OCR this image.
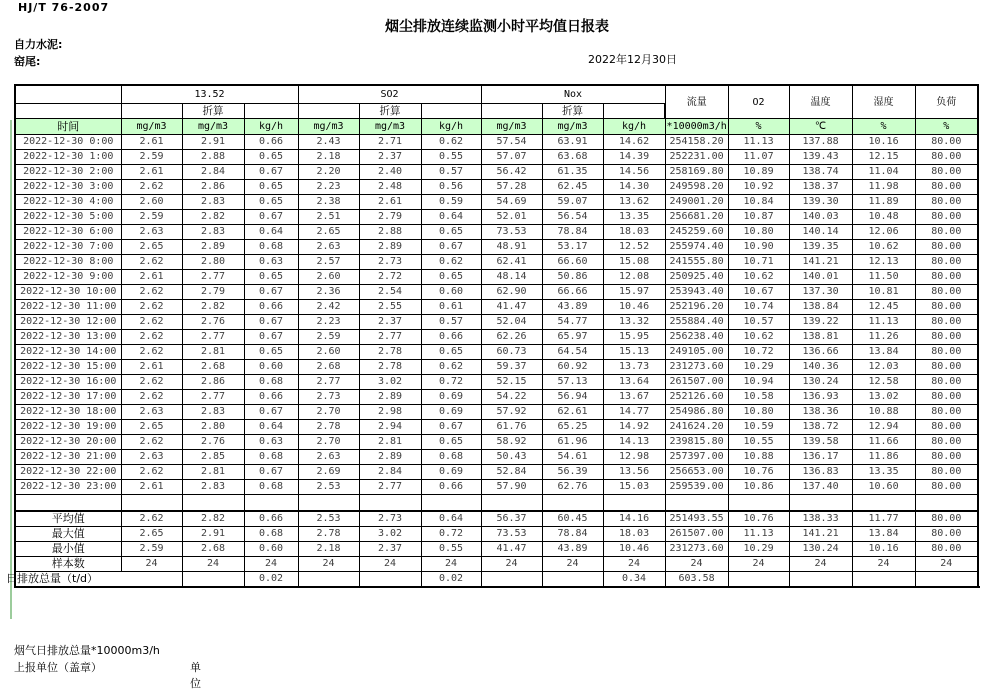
HJ/T 76-2007
烟尘排放连续监测小时平均值日报表
自力水泥:
窑尾:	2022年12月30日
	13.52			SO2			Nox			流量	O2	温度	湿度	负荷	
		折算			折算			折算							
时间	mg/m3	mg/m3	kg/h	mg/m3	mg/m3	kg/h	mg/m3	mg/m3	kg/h	*10000m3/h	%	℃	%	%	
2022-12-30 0:00	2.61	2.91	0.66	2.43	2.71	0.62	57.54	63.91	14.62	254158.20	11.13	137.88	10.16	80.00	
2022-12-30 1:00	2.59	2.88	0.65	2.18	2.37	0.55	57.07	63.68	14.39	252231.00	11.07	139.43	12.15	80.00	
2022-12-30 2:00	2.61	2.84	0.67	2.20	2.40	0.57	56.42	61.35	14.56	258169.80	10.89	138.74	11.04	80.00	
2022-12-30 3:00	2.62	2.86	0.65	2.23	2.48	0.56	57.28	62.45	14.30	249598.20	10.92	138.37	11.98	80.00	
2022-12-30 4:00	2.60	2.83	0.65	2.38	2.61	0.59	54.69	59.07	13.62	249001.20	10.84	139.30	11.89	80.00	
2022-12-30 5:00	2.59	2.82	0.67	2.51	2.79	0.64	52.01	56.54	13.35	256681.20	10.87	140.03	10.48	80.00	
2022-12-30 6:00	2.63	2.83	0.64	2.65	2.88	0.65	73.53	78.84	18.03	245259.60	10.80	140.14	12.06	80.00	
2022-12-30 7:00	2.65	2.89	0.68	2.63	2.89	0.67	48.91	53.17	12.52	255974.40	10.90	139.35	10.62	80.00	
2022-12-30 8:00	2.62	2.80	0.63	2.57	2.73	0.62	62.41	66.60	15.08	241555.80	10.71	141.21	12.13	80.00	
2022-12-30 9:00	2.61	2.77	0.65	2.60	2.72	0.65	48.14	50.86	12.08	250925.40	10.62	140.01	11.50	80.00	
2022-12-30 10:00	2.62	2.79	0.67	2.36	2.54	0.60	62.90	66.66	15.97	253943.40	10.67	137.30	10.81	80.00	
2022-12-30 11:00	2.62	2.82	0.66	2.42	2.55	0.61	41.47	43.89	10.46	252196.20	10.74	138.84	12.45	80.00	
2022-12-30 12:00	2.62	2.76	0.67	2.23	2.37	0.57	52.04	54.77	13.32	255884.40	10.57	139.22	11.13	80.00	
2022-12-30 13:00	2.62	2.77	0.67	2.59	2.77	0.66	62.26	65.97	15.95	256238.40	10.62	138.81	11.26	80.00	
2022-12-30 14:00	2.62	2.81	0.65	2.60	2.78	0.65	60.73	64.54	15.13	249105.00	10.72	136.66	13.84	80.00	
2022-12-30 15:00	2.61	2.68	0.60	2.68	2.78	0.62	59.37	60.92	13.73	231273.60	10.29	140.36	12.03	80.00	
2022-12-30 16:00	2.62	2.86	0.68	2.77	3.02	0.72	52.15	57.13	13.64	261507.00	10.94	130.24	12.58	80.00	
2022-12-30 17:00	2.62	2.77	0.66	2.73	2.89	0.69	54.22	56.94	13.67	252126.60	10.58	136.93	13.02	80.00	
2022-12-30 18:00	2.63	2.83	0.67	2.70	2.98	0.69	57.92	62.61	14.77	254986.80	10.80	138.36	10.88	80.00	
2022-12-30 19:00	2.65	2.80	0.64	2.78	2.94	0.67	61.76	65.25	14.92	241624.20	10.59	138.72	12.94	80.00	
2022-12-30 20:00	2.62	2.76	0.63	2.70	2.81	0.65	58.92	61.96	14.13	239815.80	10.55	139.58	11.66	80.00	
2022-12-30 21:00	2.63	2.85	0.68	2.63	2.89	0.68	50.43	54.61	12.98	257397.00	10.88	136.17	11.86	80.00	
2022-12-30 22:00	2.62	2.81	0.67	2.69	2.84	0.69	52.84	56.39	13.56	256653.00	10.76	136.83	13.35	80.00	
2022-12-30 23:00	2.61	2.83	0.68	2.53	2.77	0.66	57.90	62.76	15.03	259539.00	10.86	137.40	10.60	80.00	

平均值	2.62	2.82	0.66	2.53	2.73	0.64	56.37	60.45	14.16	251493.55	10.76	138.33	11.77	80.00	
最大值	2.65	2.91	0.68	2.78	3.02	0.72	73.53	78.84	18.03	261507.00	11.13	141.21	13.84	80.00	
最小值	2.59	2.68	0.60	2.18	2.37	0.55	41.47	43.89	10.46	231273.60	10.29	130.24	10.16	80.00	
样本数	24	24	24	24	24	24	24	24	24	24	24	24	24	24	
日排放总量（t/d）			0.02			0.02			0.34	603.58					
烟气日排放总量*10000m3/h
上报单位（盖章）	单位
